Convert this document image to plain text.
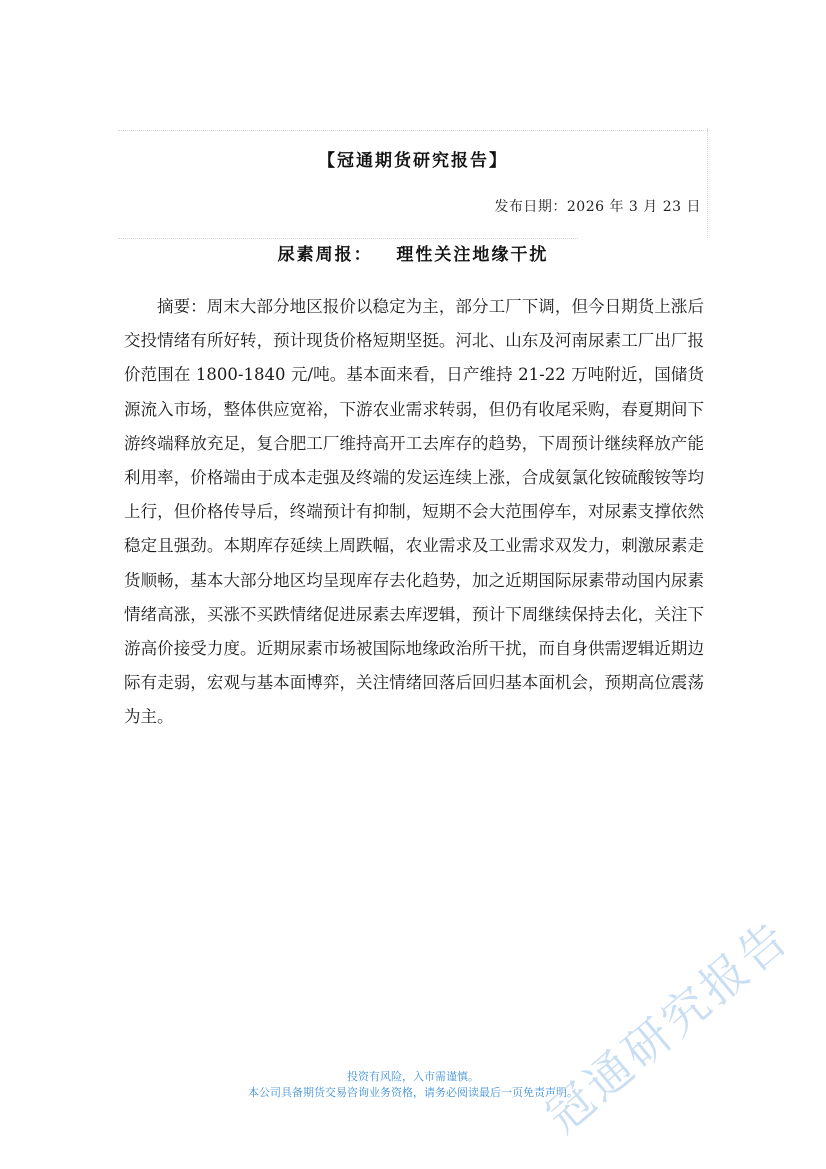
【冠通期货研究报告】
发布日期：2026 年 3 月 23 日
尿素周报：   理性关注地缘干扰

摘要：周末大部分地区报价以稳定为主，部分工厂下调，但今日期货上涨后交投情绪有所好转，预计现货价格短期坚挺。河北、山东及河南尿素工厂出厂报价范围在 1800-1840 元/吨。基本面来看，日产维持 21-22 万吨附近，国储货源流入市场，整体供应宽裕，下游农业需求转弱，但仍有收尾采购，春夏期间下游终端释放充足，复合肥工厂维持高开工去库存的趋势，下周预计继续释放产能利用率，价格端由于成本走强及终端的发运连续上涨，合成氨氯化铵硫酸铵等均上行，但价格传导后，终端预计有抑制，短期不会大范围停车，对尿素支撑依然稳定且强劲。本期库存延续上周跌幅，农业需求及工业需求双发力，刺激尿素走货顺畅，基本大部分地区均呈现库存去化趋势，加之近期国际尿素带动国内尿素情绪高涨，买涨不买跌情绪促进尿素去库逻辑，预计下周继续保持去化，关注下游高价接受力度。近期尿素市场被国际地缘政治所干扰，而自身供需逻辑近期边际有走弱，宏观与基本面博弈，关注情绪回落后回归基本面机会，预期高位震荡为主。

投资有风险，入市需谨慎。
本公司具备期货交易咨询业务资格，请务必阅读最后一页免责声明。
冠通研究报告
